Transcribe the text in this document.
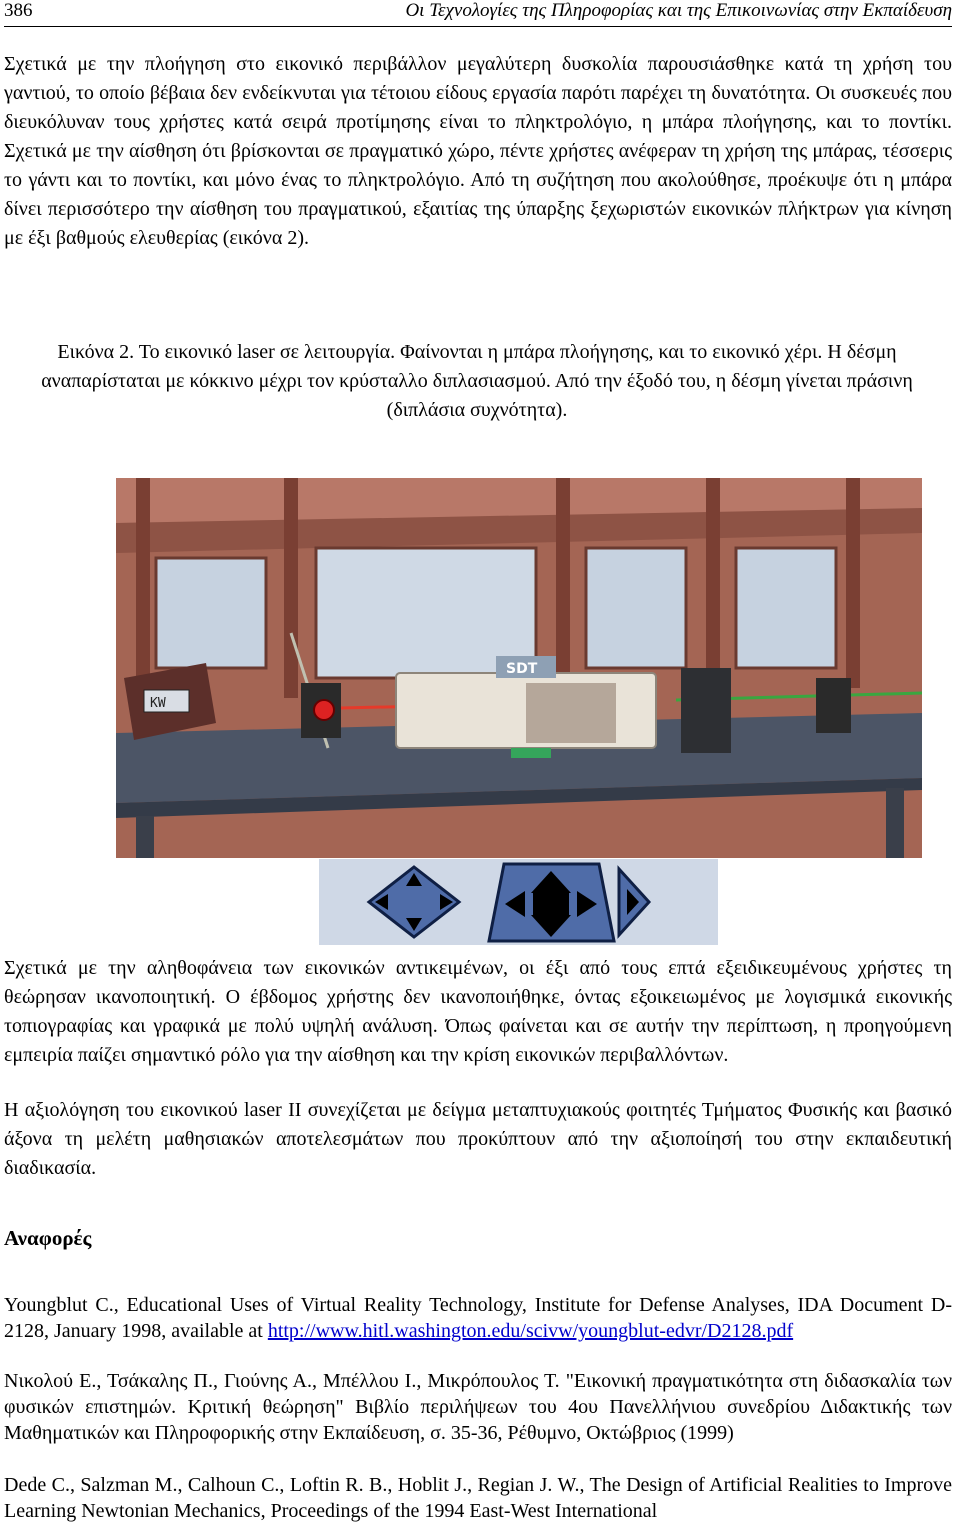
386	Οι Τεχνολογίες της Πληροφορίας και της Επικοινωνίας στην Εκπαίδευση

Σχετικά με την πλοήγηση στο εικονικό περιβάλλον μεγαλύτερη δυσκολία παρουσιάσθηκε κατά τη χρήση του γαντιού, το οποίο βέβαια δεν ενδείκνυται για τέτοιου είδους εργασία παρότι παρέχει τη δυνατότητα. Οι συσκευές που διευκόλυναν τους χρήστες κατά σειρά προτίμησης είναι το πληκτρολόγιο, η μπάρα πλοήγησης, και το ποντίκι. Σχετικά με την αίσθηση ότι βρίσκονται σε πραγματικό χώρο, πέντε χρήστες ανέφεραν τη χρήση της μπάρας, τέσσερις το γάντι και το ποντίκι, και μόνο ένας το πληκτρολόγιο. Από τη συζήτηση που ακολούθησε, προέκυψε ότι η μπάρα δίνει περισσότερο την αίσθηση του πραγματικού, εξαιτίας της ύπαρξης ξεχωριστών εικονικών πλήκτρων για κίνηση με έξι βαθμούς ελευθερίας (εικόνα 2).

Εικόνα 2. Το εικονικό laser σε λειτουργία. Φαίνονται η μπάρα πλοήγησης, και το εικονικό χέρι. Η δέσμη αναπαρίσταται με κόκκινο μέχρι τον κρύσταλλο διπλασιασμού. Από την έξοδό του, η δέσμη γίνεται πράσινη (διπλάσια συχνότητα).

KW
SDT

Σχετικά με την αληθοφάνεια των εικονικών αντικειμένων, οι έξι από τους επτά εξειδικευμένους χρήστες τη θεώρησαν ικανοποιητική. Ο έβδομος χρήστης δεν ικανοποιήθηκε, όντας εξοικειωμένος με λογισμικά εικονικής τοπιογραφίας και γραφικά με πολύ υψηλή ανάλυση. Όπως φαίνεται και σε αυτήν την περίπτωση, η προηγούμενη εμπειρία παίζει σημαντικό ρόλο για την αίσθηση και την κρίση εικονικών περιβαλλόντων.

Η αξιολόγηση του εικονικού laser II συνεχίζεται με δείγμα μεταπτυχιακούς φοιτητές Τμήματος Φυσικής και βασικό άξονα τη μελέτη μαθησιακών αποτελεσμάτων που προκύπτουν από την αξιοποίησή του στην εκπαιδευτική διαδικασία.

Αναφορές

Youngblut C., Educational Uses of Virtual Reality Technology, Institute for Defense Analyses, IDA Document D-2128, January 1998, available at http://www.hitl.washington.edu/scivw/youngblut-edvr/D2128.pdf

Νικολού Ε., Τσάκαλης Π., Γιούνης Α., Μπέλλου Ι., Μικρόπουλος Τ. "Εικονική πραγματικότητα στη διδασκαλία των φυσικών επιστημών. Κριτική θεώρηση" Βιβλίο περιλήψεων του 4ου Πανελλήνιου συνεδρίου Διδακτικής των Μαθηματικών και Πληροφορικής στην Εκπαίδευση, σ. 35-36, Ρέθυμνο, Οκτώβριος (1999)

Dede C., Salzman M., Calhoun C., Loftin R. B., Hoblit J., Regian J. W., The Design of Artificial Realities to Improve Learning Newtonian Mechanics, Proceedings of the 1994 East-West International
